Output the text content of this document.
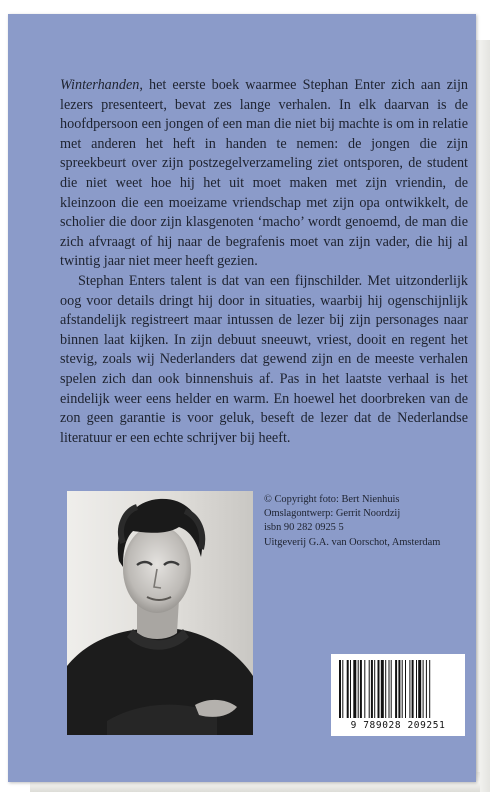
Winterhanden, het eerste boek waarmee Stephan Enter zich aan zijn lezers presenteert, bevat zes lange verhalen. In elk daarvan is de hoofdpersoon een jongen of een man die niet bij machte is om in relatie met anderen het heft in handen te nemen: de jongen die zijn spreekbeurt over zijn postzegelverzameling ziet ontsporen, de student die niet weet hoe hij het uit moet maken met zijn vriendin, de kleinzoon die een moeizame vriendschap met zijn opa ontwikkelt, de scholier die door zijn klasgenoten ‘macho’ wordt genoemd, de man die zich afvraagt of hij naar de begrafenis moet van zijn vader, die hij al twintig jaar niet meer heeft gezien.

Stephan Enters talent is dat van een fijnschilder. Met uitzonderlijk oog voor details dringt hij door in situaties, waarbij hij ogenschijnlijk afstandelijk registreert maar intussen de lezer bij zijn personages naar binnen laat kijken. In zijn debuut sneeuwt, vriest, dooit en regent het stevig, zoals wij Nederlanders dat gewend zijn en de meeste verhalen spelen zich dan ook binnenshuis af. Pas in het laatste verhaal is het eindelijk weer eens helder en warm. En hoewel het doorbreken van de zon geen garantie is voor geluk, beseft de lezer dat de Nederlandse literatuur er een echte schrijver bij heeft.

© Copyright foto: Bert Nienhuis
Omslagontwerp: Gerrit Noordzij
isbn 90 282 0925 5
Uitgeverij G.A. van Oorschot, Amsterdam
9 789028 209251
